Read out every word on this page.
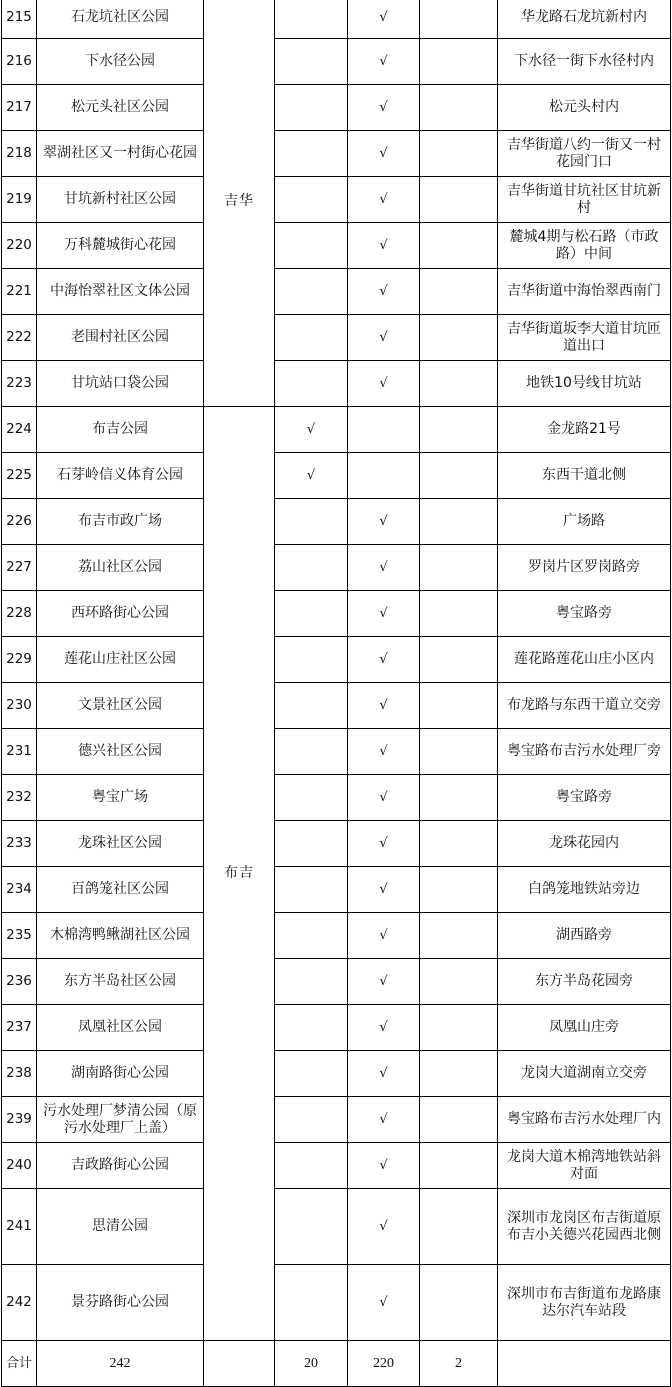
215	石龙坑社区公园	吉华		√		华龙路石龙坑新村内
216	下水径公园			√		下水径一街下水径村内
217	松元头社区公园			√		松元头村内
218	翠湖社区又一村街心花园			√		吉华街道八约一街又一村花园门口
219	甘坑新村社区公园			√		吉华街道甘坑社区甘坑新村
220	万科麓城街心花园			√		麓城4期与松石路（市政路）中间
221	中海怡翠社区文体公园			√		吉华街道中海怡翠西南门
222	老围村社区公园			√		吉华街道坂李大道甘坑匝道出口
223	甘坑站口袋公园			√		地铁10号线甘坑站
224	布吉公园	布吉	√			金龙路21号
225	石芽岭信义体育公园		√			东西干道北侧
226	布吉市政广场			√		广场路
227	荔山社区公园			√		罗岗片区罗岗路旁
228	西环路街心公园			√		粤宝路旁
229	莲花山庄社区公园			√		莲花路莲花山庄小区内
230	文景社区公园			√		布龙路与东西干道立交旁
231	德兴社区公园			√		粤宝路布吉污水处理厂旁
232	粤宝广场			√		粤宝路旁
233	龙珠社区公园			√		龙珠花园内
234	百鸽笼社区公园			√		白鸽笼地铁站旁边
235	木棉湾鸭鳅湖社区公园			√		湖西路旁
236	东方半岛社区公园			√		东方半岛花园旁
237	凤凰社区公园			√		凤凰山庄旁
238	湖南路街心公园			√		龙岗大道湖南立交旁
239	污水处理厂梦清公园（原污水处理厂上盖）			√		粤宝路布吉污水处理厂内
240	吉政路街心公园			√		龙岗大道木棉湾地铁站斜对面
241	思清公园			√		深圳市龙岗区布吉街道原布吉小关德兴花园西北侧
242	景芬路街心公园			√		深圳市布吉街道布龙路康达尔汽车站段
合计	242		20	220	2	
